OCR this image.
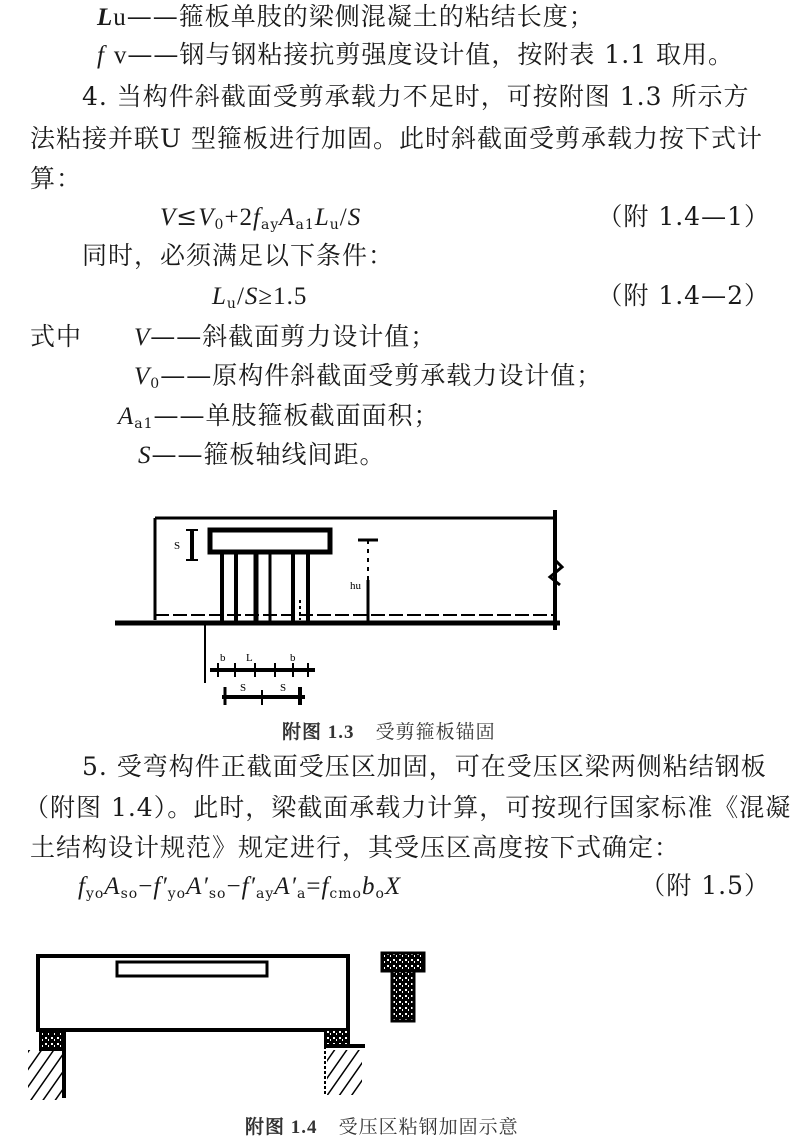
Lu——箍板单肢的梁侧混凝土的粘结长度；
f v——钢与钢粘接抗剪强度设计值，按附表 1.1 取用。
4. 当构件斜截面受剪承载力不足时，可按附图 1.3 所示方
法粘接并联U 型箍板进行加固。此时斜截面受剪承载力按下式计
算：
$V\le V_0+2f_{ay}A_{a1}L_u/S$	（附 1.4—1）
同时，必须满足以下条件：
$L_u/S\ge 1.5$	（附 1.4—2）
式中 V——斜截面剪力设计值；
$V_0——$原构件斜截面受剪承载力设计值；
$A_{a1}——$单肢箍板截面面积；
S——箍板轴线间距。
S
hu
b L	b
S	S
附图 1.3 受剪箍板锚固
5. 受弯构件正截面受压区加固，可在受压区梁两侧粘结钢板
（附图 1.4）。此时，梁截面承载力计算，可按现行国家标准《混凝
土结构设计规范》规定进行，其受压区高度按下式确定：
$f_{yo}A_{so}-f'_{yo}A'_{so}-f'_{ay}A'_a=f_{cmo}b_oX$	（附 1.5）
附图 1.4 受压区粘钢加固示意
